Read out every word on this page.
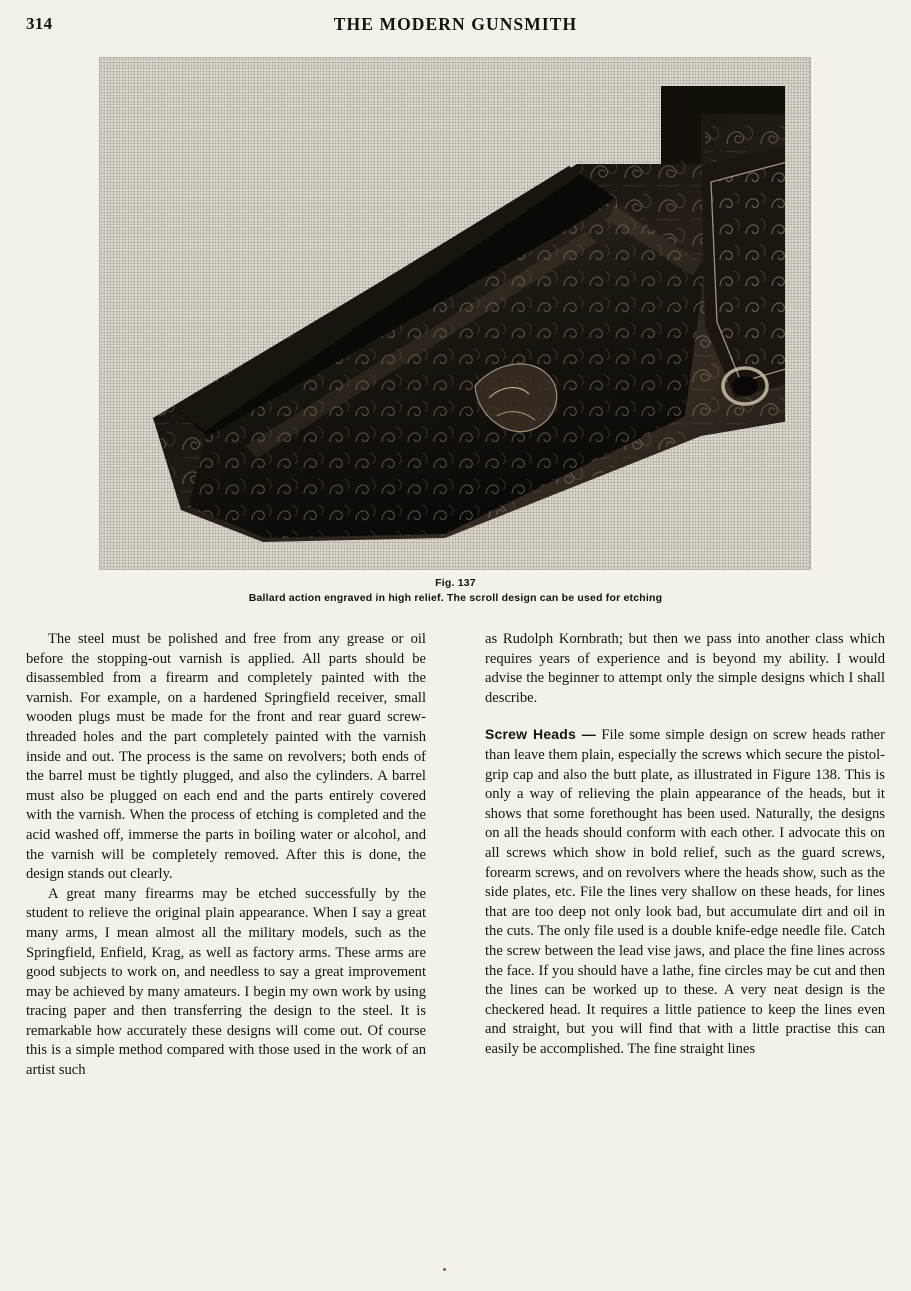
314	THE MODERN GUNSMITH
Fig. 137
Ballard action engraved in high relief. The scroll design can be used for etching

The steel must be polished and free from any grease or oil before the stopping-out varnish is applied. All parts should be disassembled from a firearm and completely painted with the varnish. For example, on a hardened Springfield receiver, small wooden plugs must be made for the front and rear guard screw-threaded holes and the part completely painted with the varnish inside and out. The process is the same on revolvers; both ends of the barrel must be tightly plugged, and also the cylinders. A barrel must also be plugged on each end and the parts entirely covered with the varnish. When the process of etching is completed and the acid washed off, immerse the parts in boiling water or alcohol, and the varnish will be completely removed. After this is done, the design stands out clearly.

A great many firearms may be etched successfully by the student to relieve the original plain appearance. When I say a great many arms, I mean almost all the military models, such as the Springfield, Enfield, Krag, as well as factory arms. These arms are good subjects to work on, and needless to say a great improvement may be achieved by many amateurs. I begin my own work by using tracing paper and then transferring the design to the steel. It is remarkable how accurately these designs will come out. Of course this is a simple method compared with those used in the work of an artist such

as Rudolph Kornbrath; but then we pass into another class which requires years of experience and is beyond my ability. I would advise the beginner to attempt only the simple designs which I shall describe.

Screw Heads — File some simple design on screw heads rather than leave them plain, especially the screws which secure the pistol-grip cap and also the butt plate, as illustrated in Figure 138. This is only a way of relieving the plain appearance of the heads, but it shows that some forethought has been used. Naturally, the designs on all the heads should conform with each other. I advocate this on all screws which show in bold relief, such as the guard screws, forearm screws, and on revolvers where the heads show, such as the side plates, etc. File the lines very shallow on these heads, for lines that are too deep not only look bad, but accumulate dirt and oil in the cuts. The only file used is a double knife-edge needle file. Catch the screw between the lead vise jaws, and place the fine lines across the face. If you should have a lathe, fine circles may be cut and then the lines can be worked up to these. A very neat design is the checkered head. It requires a little patience to keep the lines even and straight, but you will find that with a little practise this can easily be accomplished. The fine straight lines
